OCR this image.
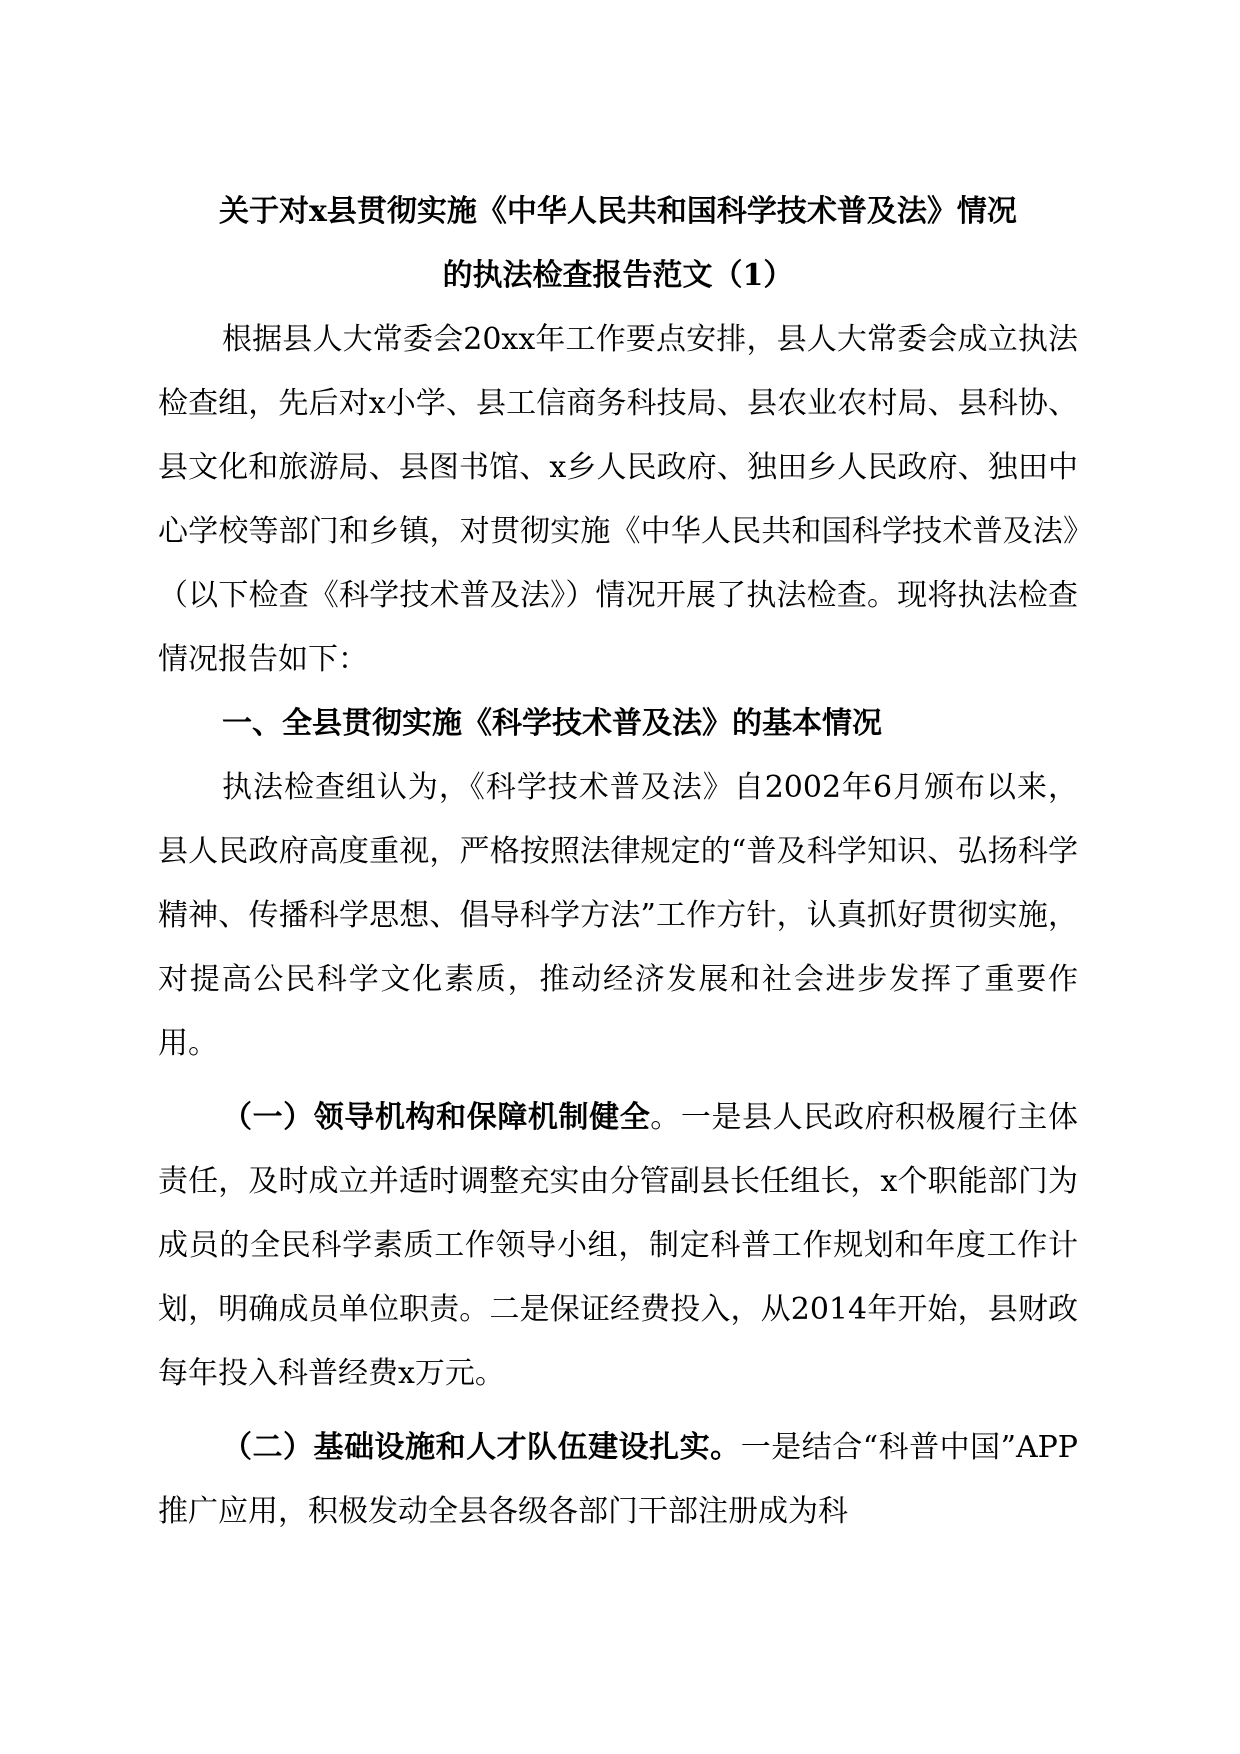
关于对x县贯彻实施《中华人民共和国科学技术普及法》情况

的执法检查报告范文（1）

根据县人大常委会20xx年工作要点安排，县人大常委会成立执法检查组，先后对x小学、县工信商务科技局、县农业农村局、县科协、县文化和旅游局、县图书馆、x乡人民政府、独田乡人民政府、独田中心学校等部门和乡镇，对贯彻实施《中华人民共和国科学技术普及法》（以下检查《科学技术普及法》）情况开展了执法检查。现将执法检查情况报告如下：

一、全县贯彻实施《科学技术普及法》的基本情况

执法检查组认为，《科学技术普及法》自2002年6月颁布以来，县人民政府高度重视，严格按照法律规定的“普及科学知识、弘扬科学精神、传播科学思想、倡导科学方法”工作方针，认真抓好贯彻实施，对提高公民科学文化素质，推动经济发展和社会进步发挥了重要作用。

（一）领导机构和保障机制健全。一是县人民政府积极履行主体责任，及时成立并适时调整充实由分管副县长任组长，x个职能部门为成员的全民科学素质工作领导小组，制定科普工作规划和年度工作计划，明确成员单位职责。二是保证经费投入，从2014年开始，县财政每年投入科普经费x万元。

（二）基础设施和人才队伍建设扎实。一是结合“科普中国”APP推广应用，积极发动全县各级各部门干部注册成为科
